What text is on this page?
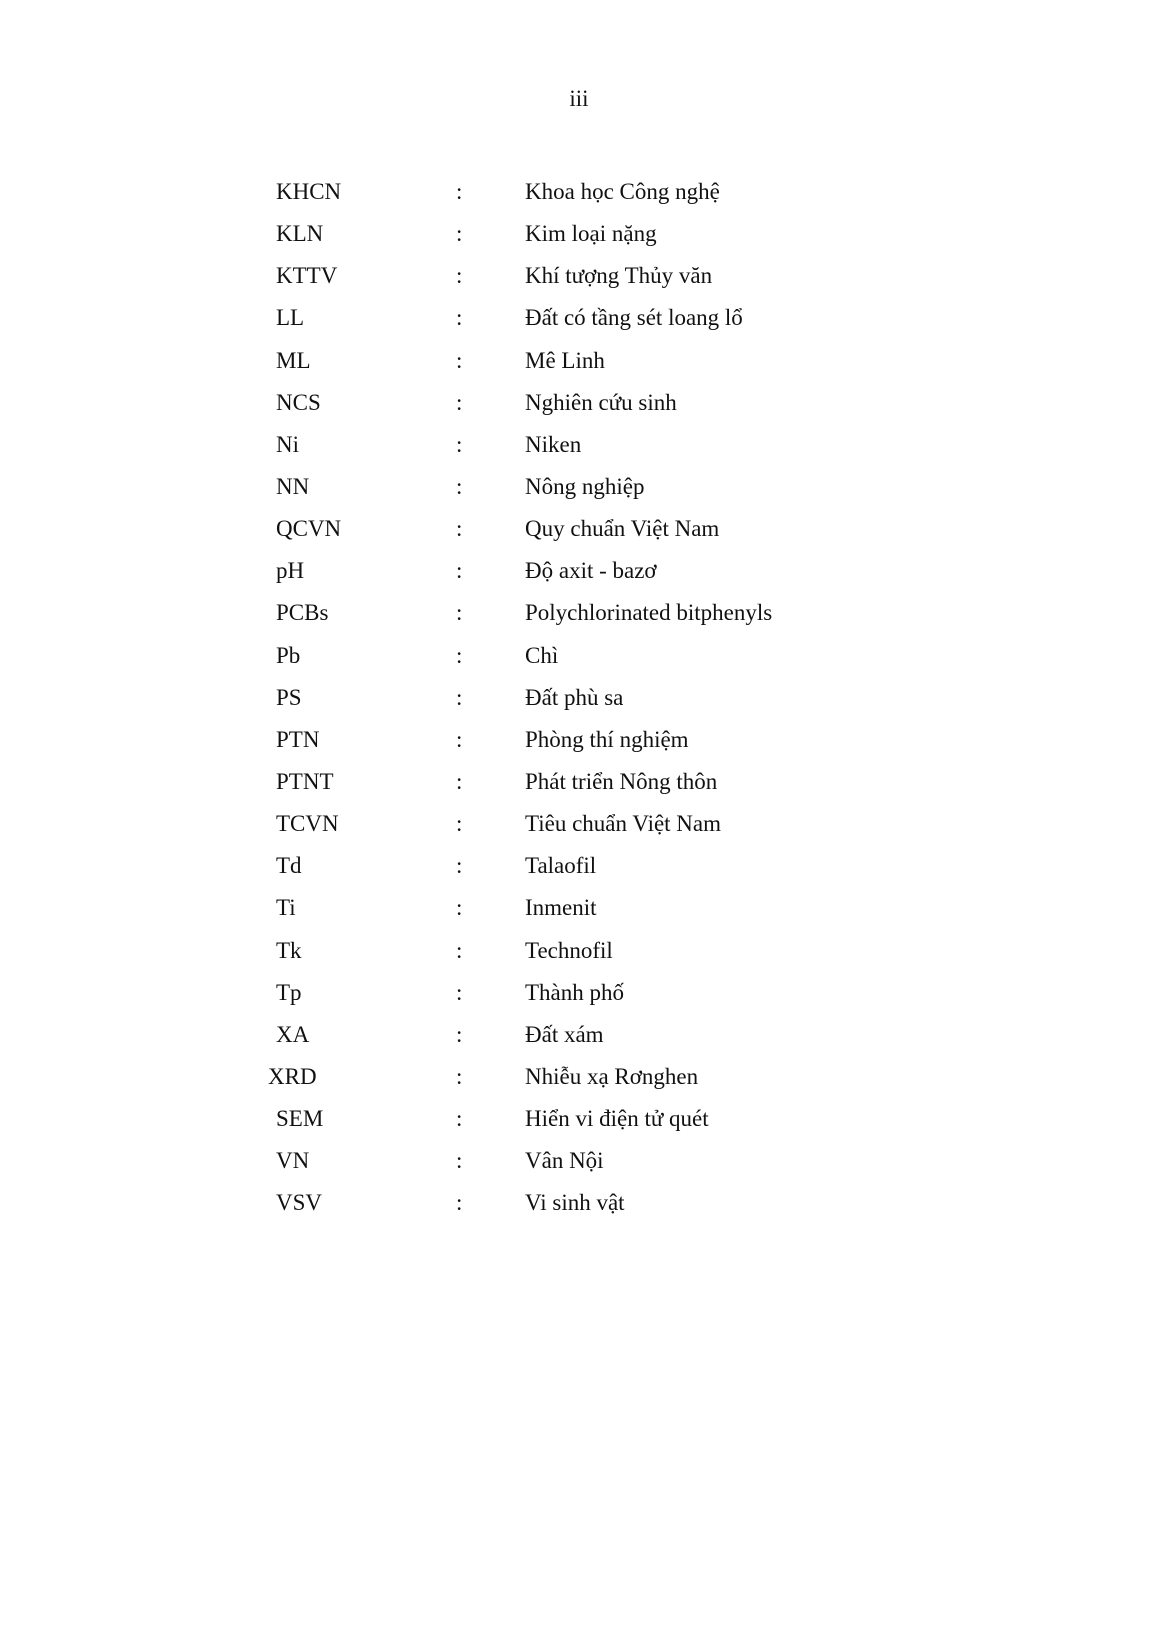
iii
KHCN	:	Khoa học Công nghệ
KLN	:	Kim loại nặng
KTTV	:	Khí tượng Thủy văn
LL	:	Đất có tầng sét loang lổ
ML	:	Mê Linh
NCS	:	Nghiên cứu sinh
Ni	:	Niken
NN	:	Nông nghiệp
QCVN	:	Quy chuẩn Việt Nam
pH	:	Độ axit - bazơ
PCBs	:	Polychlorinated bitphenyls
Pb	:	Chì
PS	:	Đất phù sa
PTN	:	Phòng thí nghiệm
PTNT	:	Phát triển Nông thôn
TCVN	:	Tiêu chuẩn Việt Nam
Td	:	Talaofil
Ti	:	Inmenit
Tk	:	Technofil
Tp	:	Thành phố
XA	:	Đất xám
XRD	:	Nhiễu xạ Rơnghen
SEM	:	Hiển vi điện tử quét
VN	:	Vân Nội
VSV	:	Vi sinh vật
